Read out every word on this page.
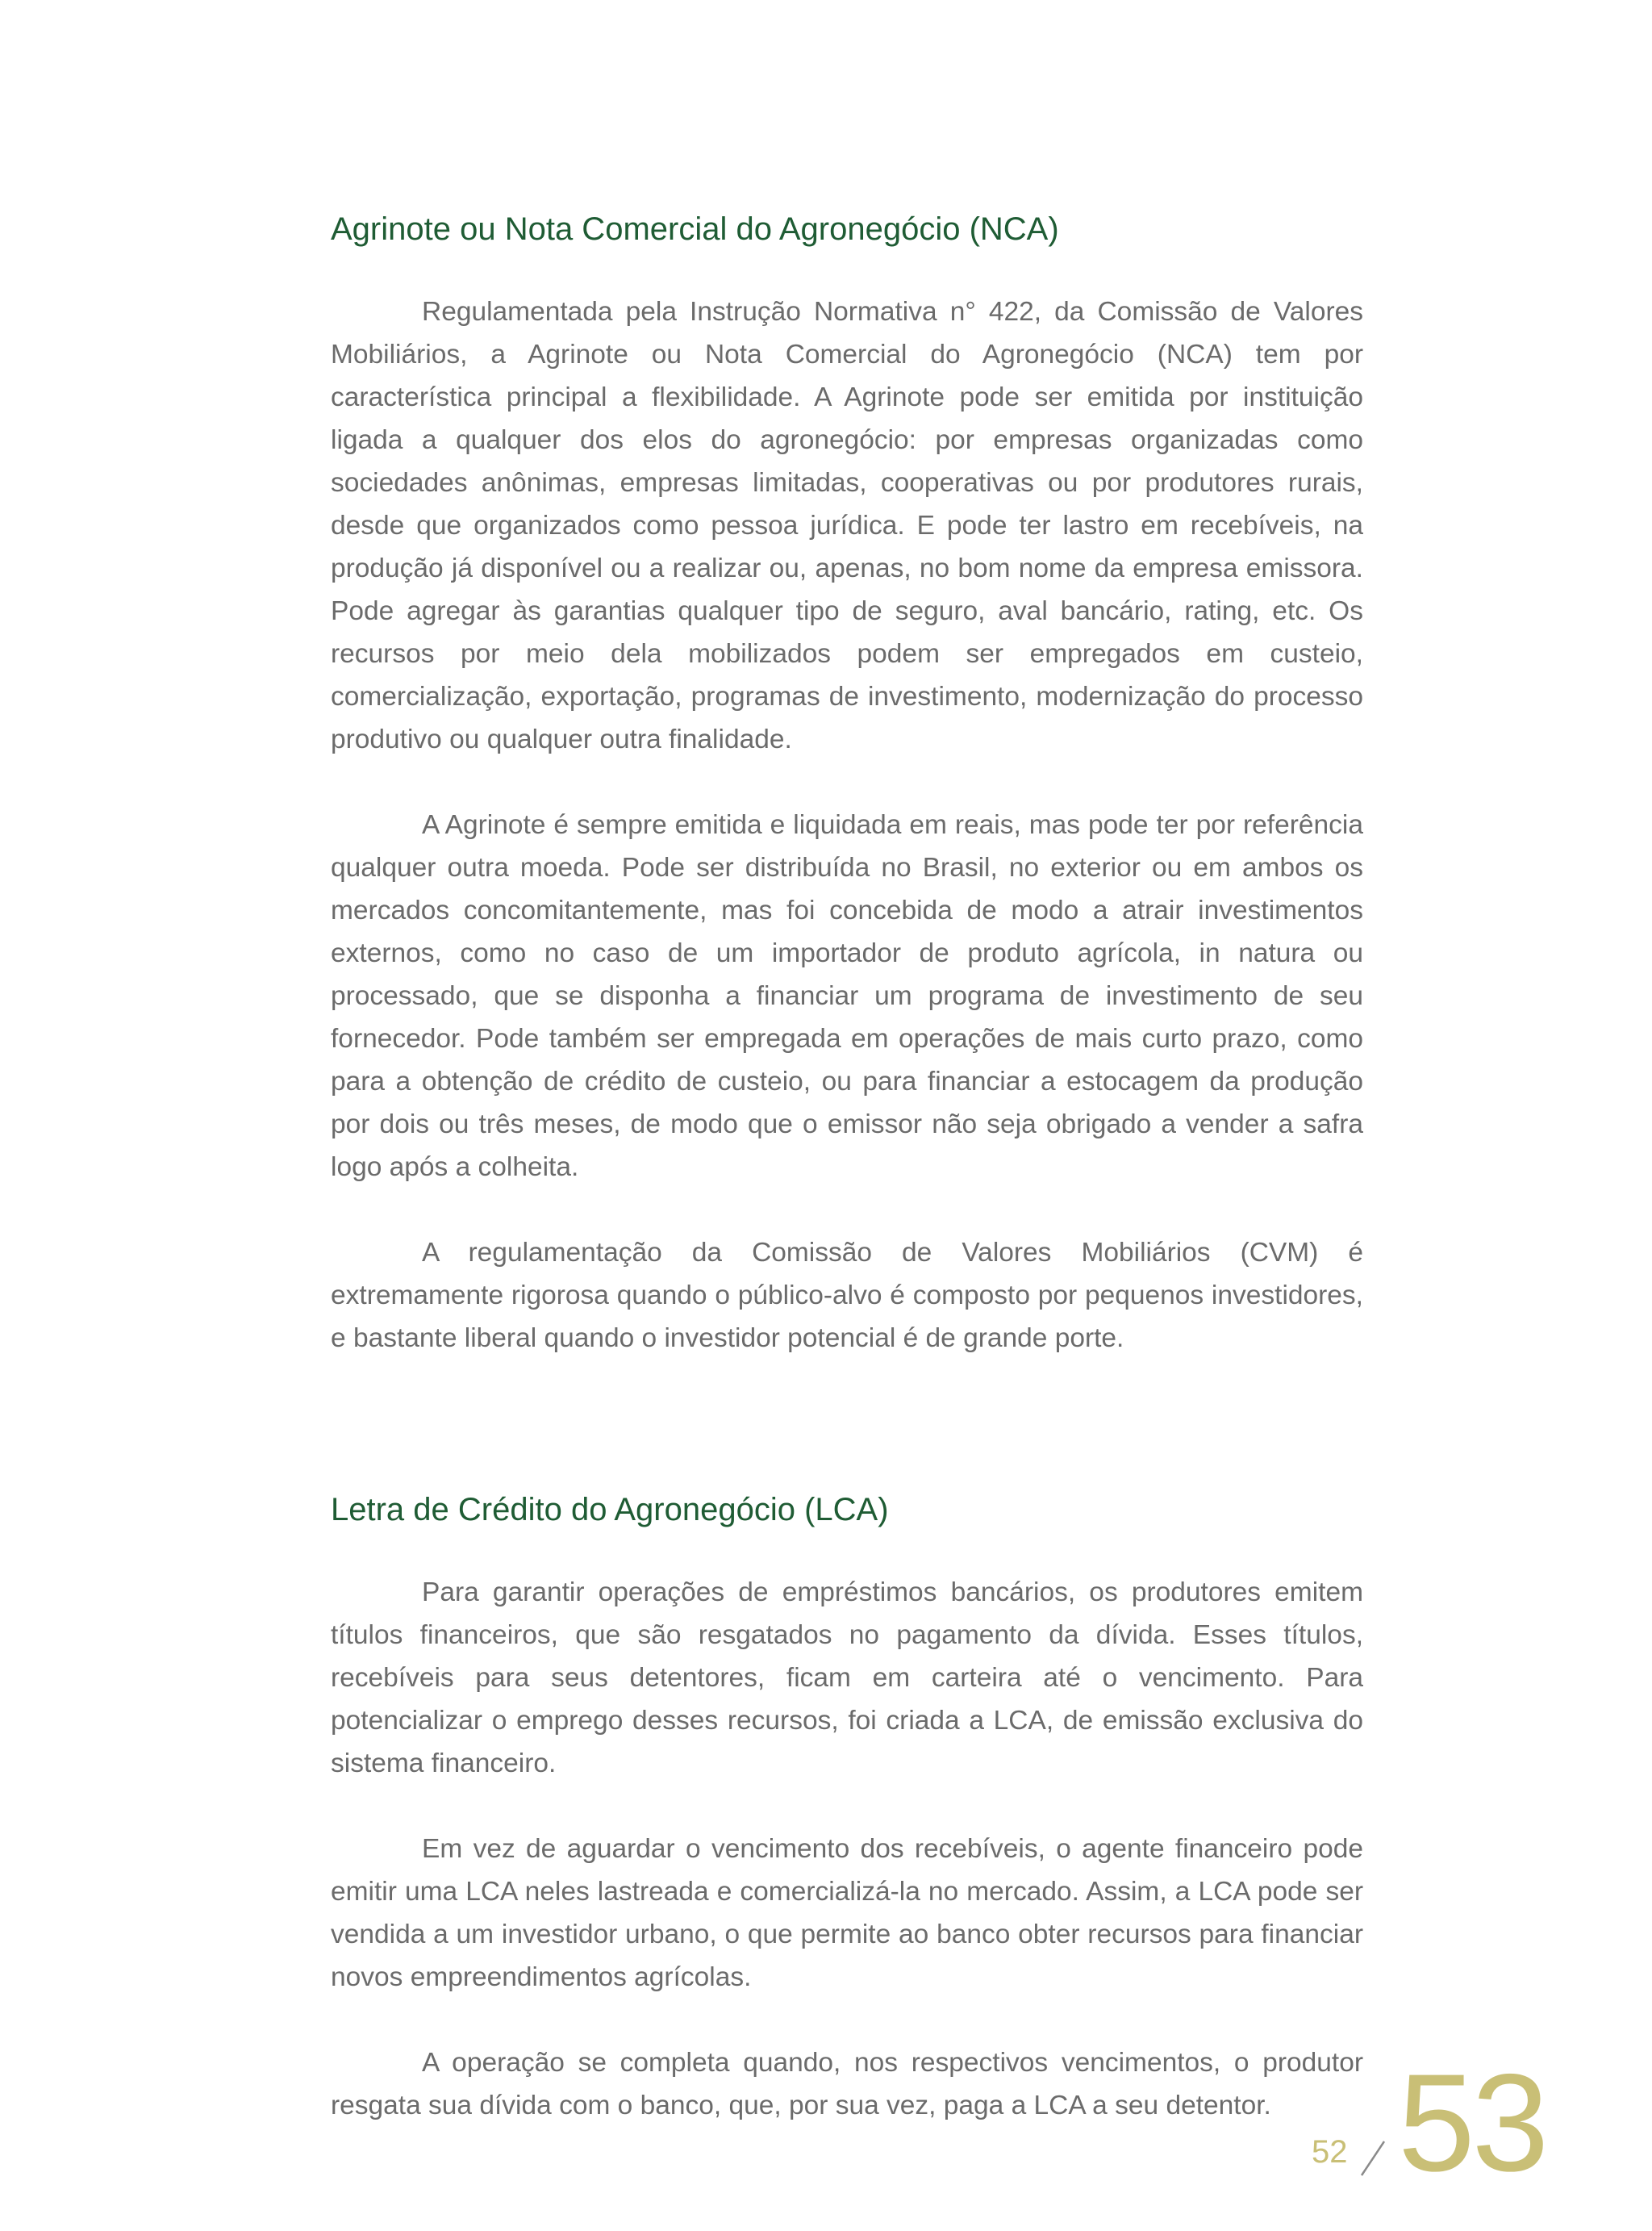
Agrinote ou Nota Comercial do Agronegócio (NCA)

Regulamentada pela Instrução Normativa n° 422, da Comissão de Valores Mobiliários, a Agrinote ou Nota Comercial do Agronegócio (NCA) tem por característica principal a flexibilidade. A Agrinote pode ser emitida por instituição ligada a qualquer dos elos do agronegócio: por empresas organizadas como sociedades anônimas, empresas limitadas, cooperativas ou por produtores rurais, desde que organizados como pessoa jurídica. E pode ter lastro em recebíveis, na produção já disponível ou a realizar ou, apenas, no bom nome da empresa emissora. Pode agregar às garantias qualquer tipo de seguro, aval bancário, rating, etc. Os recursos por meio dela mobilizados podem ser empregados em custeio, comercialização, exportação, programas de investimento, modernização do processo produtivo ou qualquer outra finalidade.

A Agrinote é sempre emitida e liquidada em reais, mas pode ter por referência qualquer outra moeda. Pode ser distribuída no Brasil, no exterior ou em ambos os mercados concomitantemente, mas foi concebida de modo a atrair investimentos externos, como no caso de um importador de produto agrícola, in natura ou processado, que se disponha a financiar um programa de investimento de seu fornecedor. Pode também ser empregada em operações de mais curto prazo, como para a obtenção de crédito de custeio, ou para financiar a estocagem da produção por dois ou três meses, de modo que o emissor não seja obrigado a vender a safra logo após a colheita.

A regulamentação da Comissão de Valores Mobiliários (CVM) é extremamente rigorosa quando o público-alvo é composto por pequenos investidores, e bastante liberal quando o investidor potencial é de grande porte.

Letra de Crédito do Agronegócio (LCA)

Para garantir operações de empréstimos bancários, os produtores emitem títulos financeiros, que são resgatados no pagamento da dívida. Esses títulos, recebíveis para seus detentores, ficam em carteira até o vencimento. Para potencializar o emprego desses recursos, foi criada a LCA, de emissão exclusiva do sistema financeiro.

Em vez de aguardar o vencimento dos recebíveis, o agente financeiro pode emitir uma LCA neles lastreada e comercializá-la no mercado. Assim, a LCA pode ser vendida a um investidor urbano, o que permite ao banco obter recursos para financiar novos empreendimentos agrícolas.

A operação se completa quando, nos respectivos vencimentos, o produtor resgata sua dívida com o banco, que, por sua vez, paga a LCA a seu detentor.

52 53
